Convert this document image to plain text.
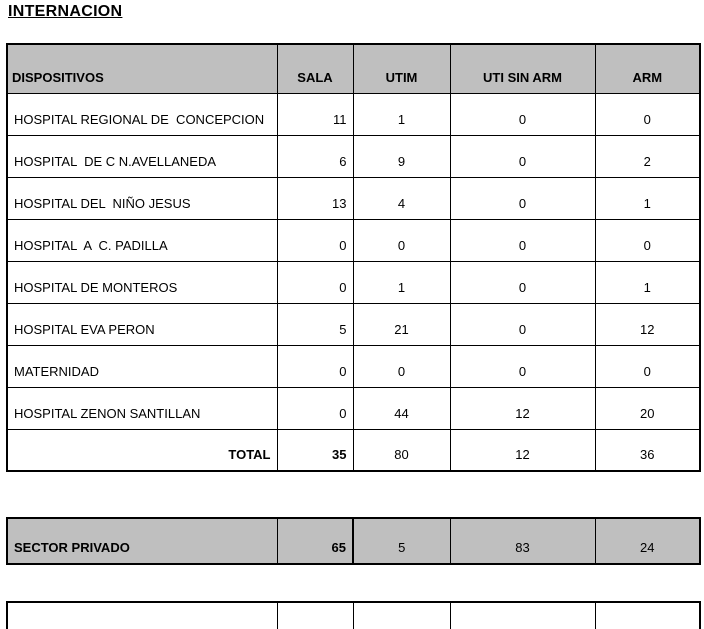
INTERNACION
DISPOSITIVOS	SALA	UTIM	UTI SIN ARM	ARM
HOSPITAL REGIONAL DE  CONCEPCION	11	1	0	0
HOSPITAL  DE C N.AVELLANEDA	6	9	0	2
HOSPITAL DEL  NIÑO JESUS	13	4	0	1
HOSPITAL  A  C. PADILLA	0	0	0	0
HOSPITAL DE MONTEROS	0	1	0	1
HOSPITAL EVA PERON	5	21	0	12
MATERNIDAD	0	0	0	0
HOSPITAL ZENON SANTILLAN	0	44	12	20
TOTAL	35	80	12	36
SECTOR PRIVADO	65	5	83	24
